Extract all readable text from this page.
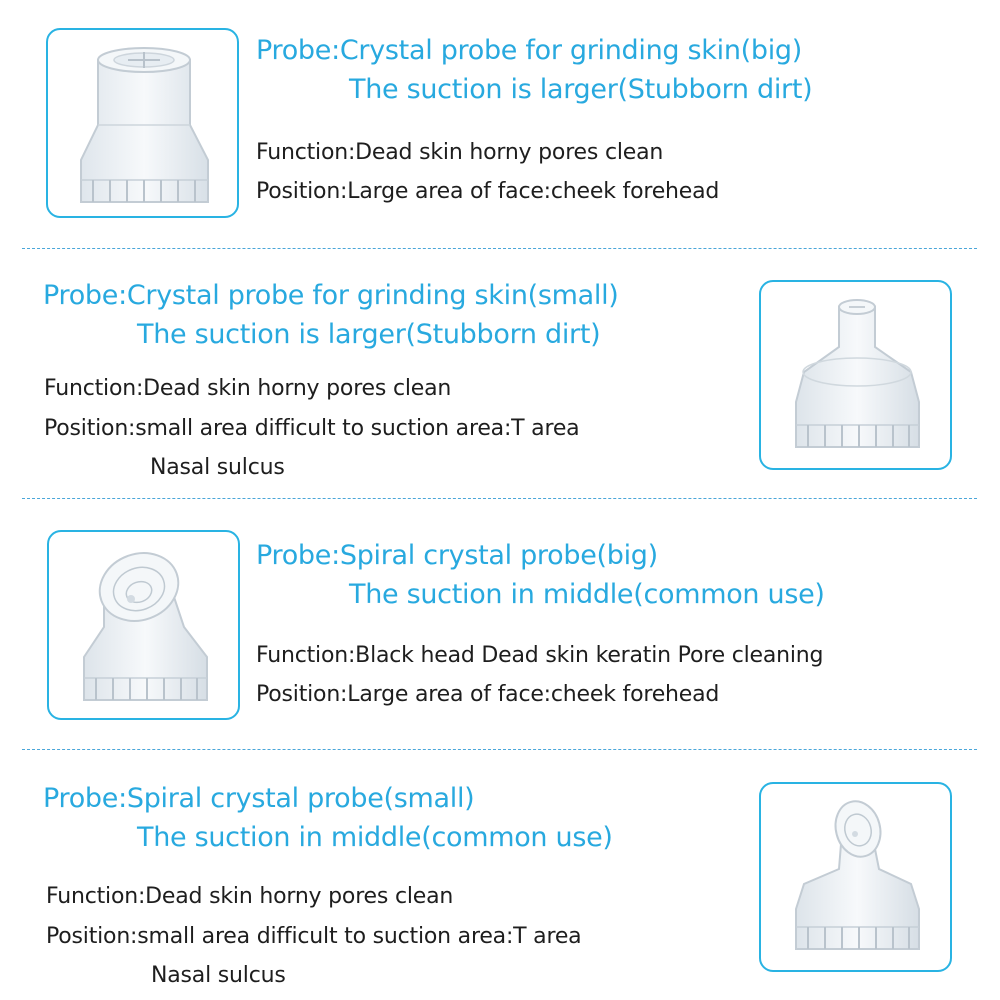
Probe:Crystal probe for grinding skin(big)
The suction is larger(Stubborn dirt)
Function:Dead skin horny pores clean
Position:Large area of face:cheek forehead
Probe:Crystal probe for grinding skin(small)
The suction is larger(Stubborn dirt)
Function:Dead skin horny pores clean
Position:small area difficult to suction area:T area
Nasal sulcus
Probe:Spiral crystal probe(big)
The suction in middle(common use)
Function:Black head Dead skin keratin Pore cleaning
Position:Large area of face:cheek forehead
Probe:Spiral crystal probe(small)
The suction in middle(common use)
Function:Dead skin horny pores clean
Position:small area difficult to suction area:T area
Nasal sulcus
